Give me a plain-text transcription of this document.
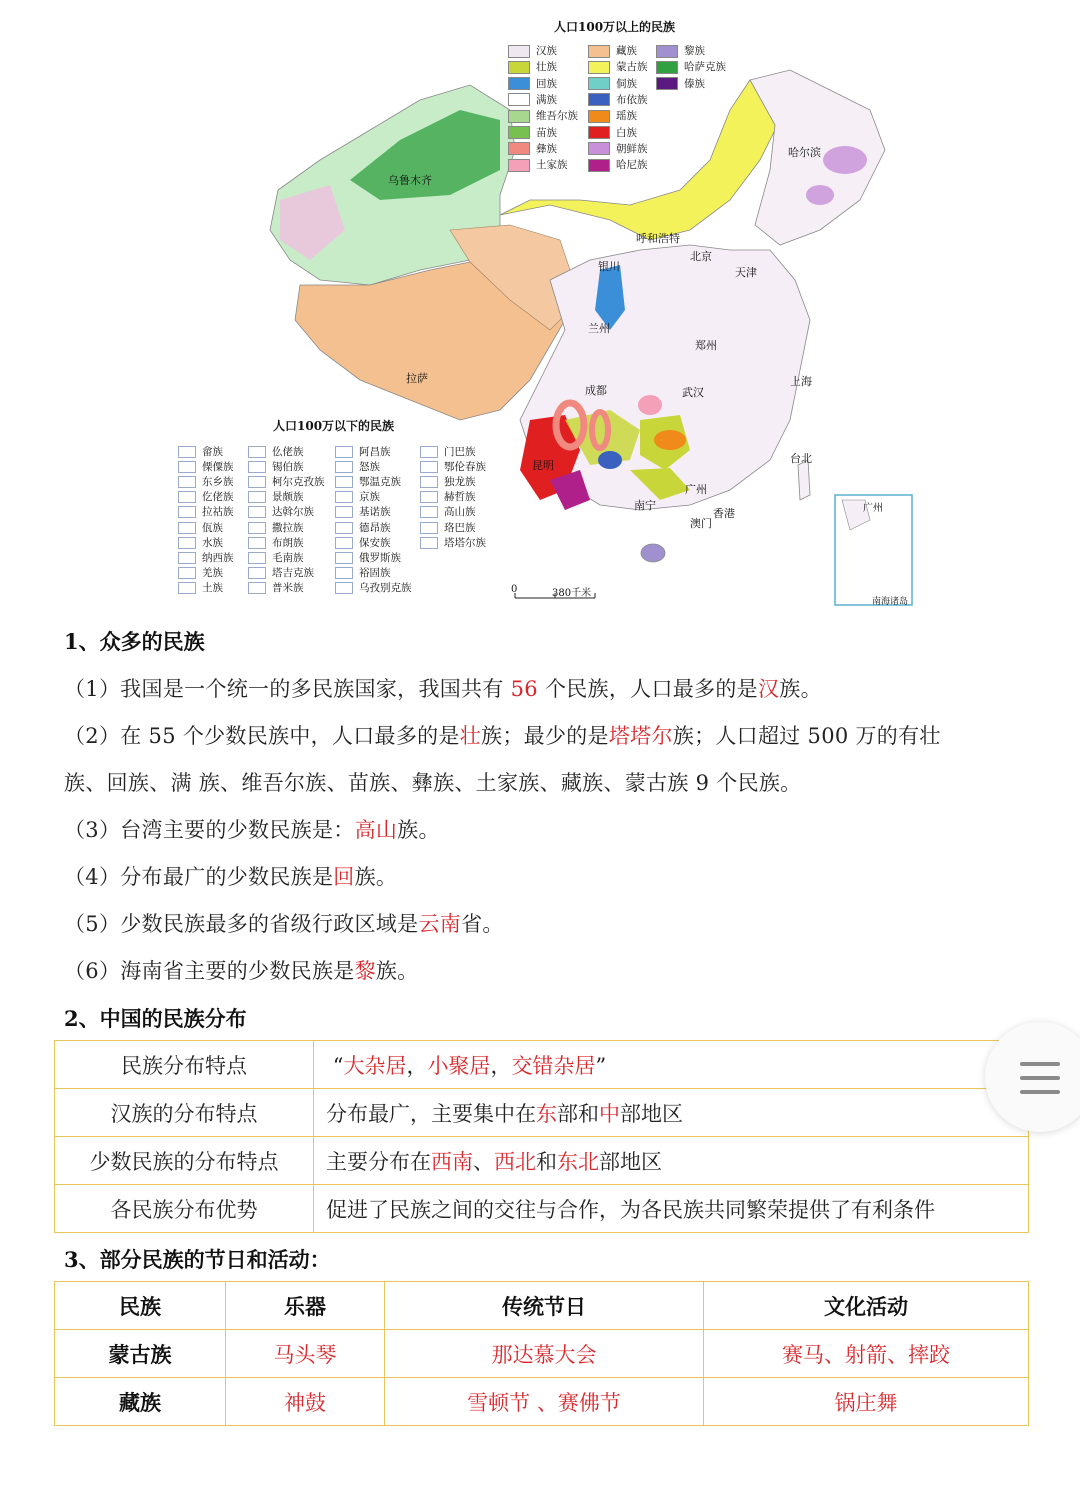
人口100万以上的民族
汉族
壮族
回族
满族
维吾尔族
苗族
彝族
土家族
藏族
蒙古族
侗族
布依族
瑶族
白族
朝鲜族
哈尼族
黎族
哈萨克族
傣族
人口100万以下的民族
畲族
傈僳族
东乡族
仡佬族
拉祜族
佤族
水族
纳西族
羌族
土族
仫佬族
锡伯族
柯尔克孜族
景颇族
达斡尔族
撒拉族
布朗族
毛南族
塔吉克族
普米族
阿昌族
怒族
鄂温克族
京族
基诺族
德昂族
保安族
俄罗斯族
裕固族
乌孜别克族
门巴族
鄂伦春族
独龙族
赫哲族
高山族
珞巴族
塔塔尔族
乌鲁木齐
呼和浩特
银川
兰州
北京
天津
哈尔滨
郑州
上海
拉萨
成都	武汉
昆明
南宁
广州
香港
澳门
台北
0	380千米
南海诸岛
广州
1、众多的民族
（1）我国是一个统一的多民族国家，我国共有 56 个民族，人口最多的是汉族。
（2）在 55 个少数民族中，人口最多的是壮族；最少的是塔塔尔族；人口超过 500 万的有壮
族、回族、满 族、维吾尔族、苗族、彝族、土家族、藏族、蒙古族 9 个民族。
（3）台湾主要的少数民族是：高山族。
（4）分布最广的少数民族是回族。
（5）少数民族最多的省级行政区域是云南省。
（6）海南省主要的少数民族是黎族。
2、中国的民族分布
民族分布特点	“大杂居，小聚居，交错杂居”
汉族的分布特点	分布最广，主要集中在东部和中部地区
少数民族的分布特点	主要分布在西南、西北和东北部地区
各民族分布优势	促进了民族之间的交往与合作，为各民族共同繁荣提供了有利条件
3、部分民族的节日和活动：
民族	乐器	传统节日	文化活动
蒙古族	马头琴	那达慕大会	赛马、射箭、摔跤
藏族	神鼓	雪顿节 、赛佛节	锅庄舞
